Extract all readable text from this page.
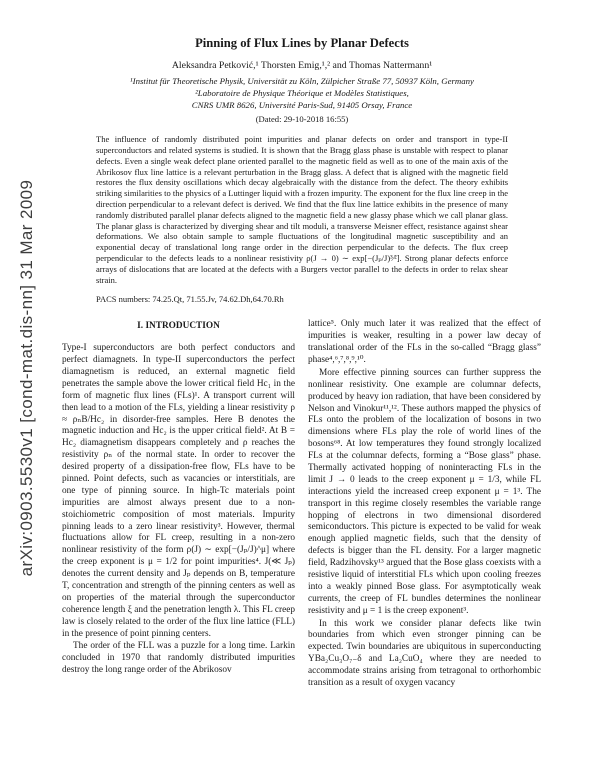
arXiv:0903.5530v1 [cond-mat.dis-nn] 31 Mar 2009
Pinning of Flux Lines by Planar Defects
Aleksandra Petković,¹ Thorsten Emig,¹,² and Thomas Nattermann¹
¹Institut für Theoretische Physik, Universität zu Köln, Zülpicher Straße 77, 50937 Köln, Germany
²Laboratoire de Physique Théorique et Modèles Statistiques,
CNRS UMR 8626, Université Paris-Sud, 91405 Orsay, France
(Dated: 29-10-2018 16:55)

The influence of randomly distributed point impurities and planar defects on order and transport in type-II superconductors and related systems is studied. It is shown that the Bragg glass phase is unstable with respect to planar defects. Even a single weak defect plane oriented parallel to the magnetic field as well as to one of the main axis of the Abrikosov flux line lattice is a relevant perturbation in the Bragg glass. A defect that is aligned with the magnetic field restores the flux density oscillations which decay algebraically with the distance from the defect. The theory exhibits striking similarities to the physics of a Luttinger liquid with a frozen impurity. The exponent for the flux line creep in the direction perpendicular to a relevant defect is derived. We find that the flux line lattice exhibits in the presence of many randomly distributed parallel planar defects aligned to the magnetic field a new glassy phase which we call planar glass. The planar glass is characterized by diverging shear and tilt moduli, a transverse Meisner effect, resistance against shear deformations. We also obtain sample to sample fluctuations of the longitudinal magnetic susceptibility and an exponential decay of translational long range order in the direction perpendicular to the defects. The flux creep perpendicular to the defects leads to a nonlinear resistivity ρ(J → 0) ∼ exp[−(Jₚ/J)³⁄²]. Strong planar defects enforce arrays of dislocations that are located at the defects with a Burgers vector parallel to the defects in order to relax shear strain.

PACS numbers: 74.25.Qt, 71.55.Jv, 74.62.Dh,64.70.Rh

I. INTRODUCTION

Type-I superconductors are both perfect conductors and perfect diamagnets. In type-II superconductors the perfect diamagnetism is reduced, an external magnetic field penetrates the sample above the lower critical field Hc₁ in the form of magnetic flux lines (FLs)¹. A transport current will then lead to a motion of the FLs, yielding a linear resistivity ρ ≈ ρₙB/Hc₂ in disorder-free samples. Here B denotes the magnetic induction and Hc₂ is the upper critical field². At B = Hc₂ diamagnetism disappears completely and ρ reaches the resistivity ρₙ of the normal state. In order to recover the desired property of a dissipation-free flow, FLs have to be pinned. Point defects, such as vacancies or interstitials, are one type of pinning source. In high-Tc materials point impurities are almost always present due to a non-stoichiometric composition of most materials. Impurity pinning leads to a zero linear resistivity³. However, thermal fluctuations allow for FL creep, resulting in a non-zero nonlinear resistivity of the form ρ(J) ∼ exp[−(Jₚ/J)^μ] where the creep exponent is μ = 1/2 for point impurities⁴. J(≪ Jₚ) denotes the current density and Jₚ depends on B, temperature T, concentration and strength of the pinning centers as well as on properties of the material through the superconductor coherence length ξ and the penetration length λ. This FL creep law is closely related to the order of the flux line lattice (FLL) in the presence of point pinning centers.

The order of the FLL was a puzzle for a long time. Larkin concluded in 1970 that randomly distributed impurities destroy the long range order of the Abrikosov

lattice⁵. Only much later it was realized that the effect of impurities is weaker, resulting in a power law decay of translational order of the FLs in the so-called “Bragg glass” phase⁴,⁶,⁷,⁸,⁹,¹⁰.

More effective pinning sources can further suppress the nonlinear resistivity. One example are columnar defects, produced by heavy ion radiation, that have been considered by Nelson and Vinokur¹¹,¹². These authors mapped the physics of FLs onto the problem of the localization of bosons in two dimensions where FLs play the role of world lines of the bosons⁶⁸. At low temperatures they found strongly localized FLs at the columnar defects, forming a “Bose glass” phase. Thermally activated hopping of noninteracting FLs in the limit J → 0 leads to the creep exponent μ = 1/3, while FL interactions yield the increased creep exponent μ = 1³. The transport in this regime closely resembles the variable range hopping of electrons in two dimensional disordered semiconductors. This picture is expected to be valid for weak enough applied magnetic fields, such that the density of defects is bigger than the FL density. For a larger magnetic field, Radzihovsky¹³ argued that the Bose glass coexists with a resistive liquid of interstitial FLs which upon cooling freezes into a weakly pinned Bose glass. For asymptotically weak currents, the creep of FL bundles determines the nonlinear resistivity and μ = 1 is the creep exponent³.

In this work we consider planar defects like twin boundaries from which even stronger pinning can be expected. Twin boundaries are ubiquitous in superconducting YBa₂Cu₃O₇₋δ and La₂CuO₄ where they are needed to accommodate strains arising from tetragonal to orthorhombic transition as a result of oxygen vacancy
